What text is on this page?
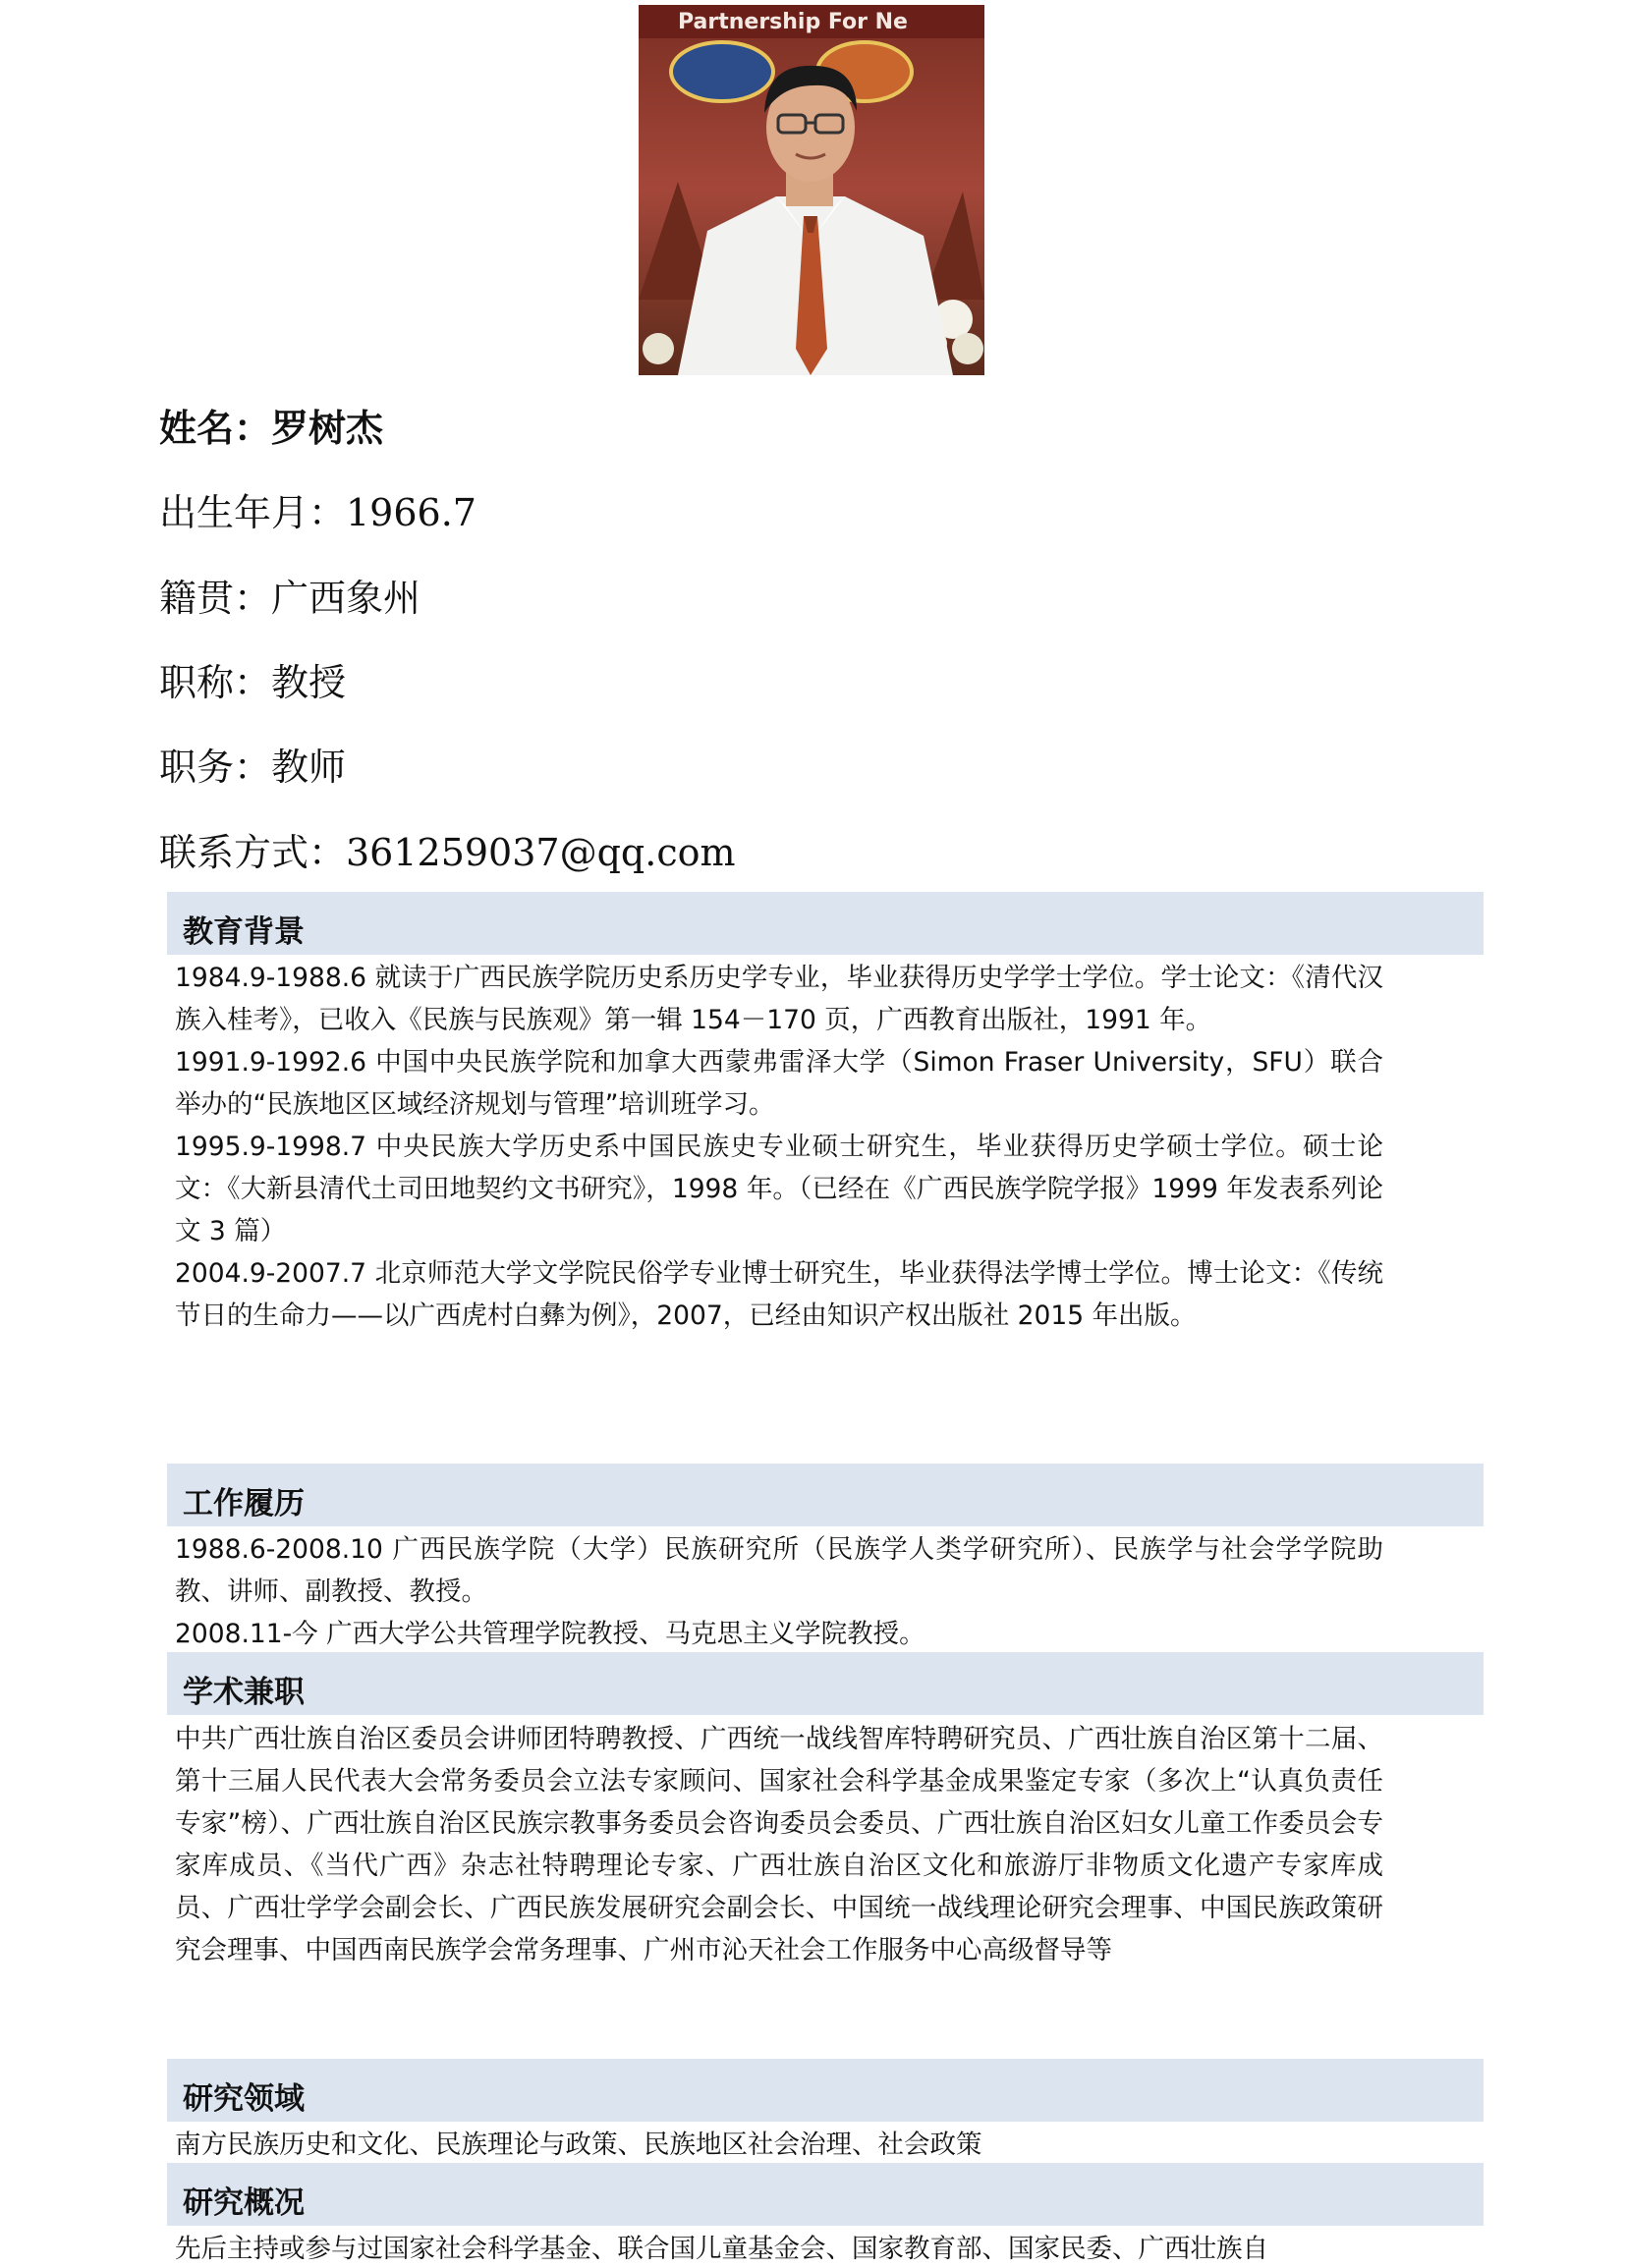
Partnership For Ne
姓名：罗树杰
出生年月：1966.7
籍贯：广西象州
职称：教授
职务：教师
联系方式：361259037@qq.com
教育背景
1984.9-1988.6 就读于广西民族学院历史系历史学专业，毕业获得历史学学士学位。学士论文：《清代汉族入桂考》，已收入《民族与民族观》第一辑 154－170 页，广西教育出版社，1991 年。
1991.9-1992.6 中国中央民族学院和加拿大西蒙弗雷泽大学（Simon Fraser University，SFU）联合举办的“民族地区区域经济规划与管理”培训班学习。
1995.9-1998.7 中央民族大学历史系中国民族史专业硕士研究生，毕业获得历史学硕士学位。硕士论文：《大新县清代土司田地契约文书研究》，1998 年。（已经在《广西民族学院学报》1999 年发表系列论文 3 篇）
2004.9-2007.7 北京师范大学文学院民俗学专业博士研究生，毕业获得法学博士学位。博士论文：《传统节日的生命力——以广西虎村白彝为例》，2007，已经由知识产权出版社 2015 年出版。
工作履历
1988.6-2008.10 广西民族学院（大学）民族研究所（民族学人类学研究所）、民族学与社会学学院助教、讲师、副教授、教授。
2008.11-今 广西大学公共管理学院教授、马克思主义学院教授。
学术兼职
中共广西壮族自治区委员会讲师团特聘教授、广西统一战线智库特聘研究员、广西壮族自治区第十二届、第十三届人民代表大会常务委员会立法专家顾问、国家社会科学基金成果鉴定专家（多次上“认真负责任专家”榜）、广西壮族自治区民族宗教事务委员会咨询委员会委员、广西壮族自治区妇女儿童工作委员会专家库成员、《当代广西》杂志社特聘理论专家、广西壮族自治区文化和旅游厅非物质文化遗产专家库成员、广西壮学学会副会长、广西民族发展研究会副会长、中国统一战线理论研究会理事、中国民族政策研究会理事、中国西南民族学会常务理事、广州市沁天社会工作服务中心高级督导等
研究领域
南方民族历史和文化、民族理论与政策、民族地区社会治理、社会政策
研究概况
先后主持或参与过国家社会科学基金、联合国儿童基金会、国家教育部、国家民委、广西壮族自
